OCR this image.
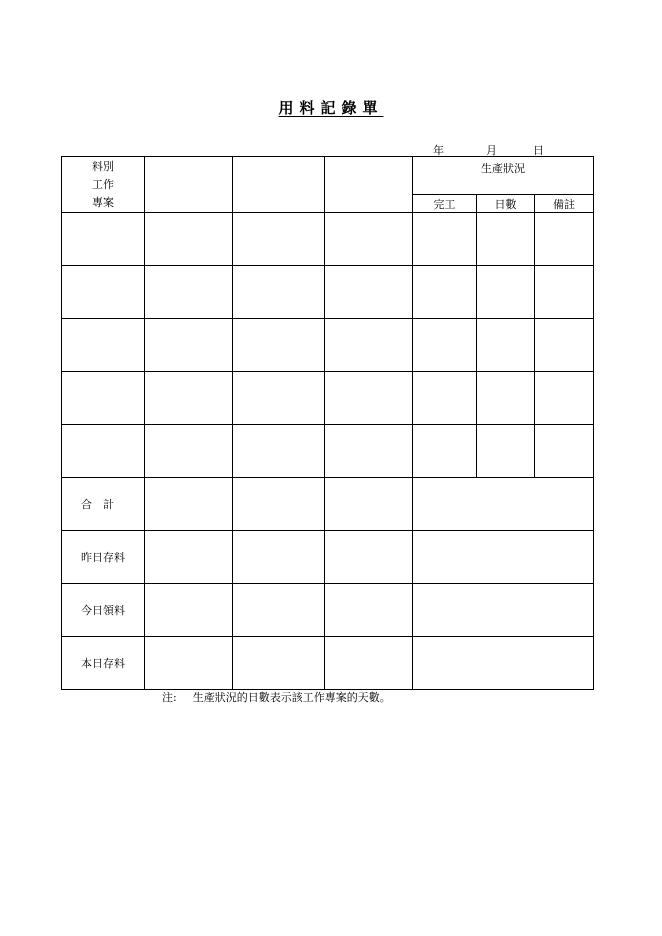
用料記錄單
年	月	日
料別
工作
專案				生產狀況		
				完工	日數	備註

合　計						
昨日存料						
今日領料						
本日存料						
注: 生產狀況的日數表示該工作專案的天數。
